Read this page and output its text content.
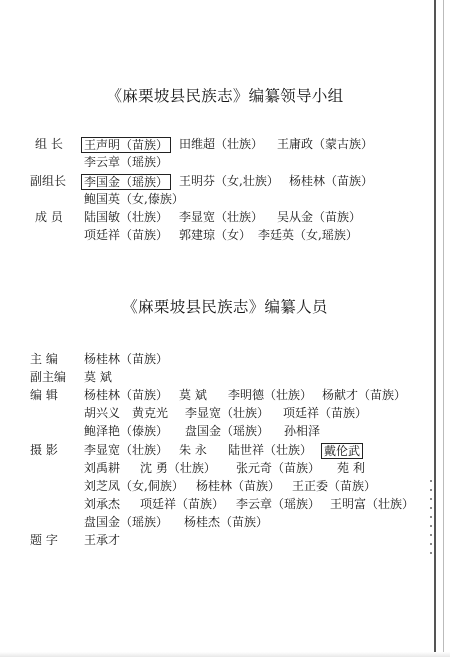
《麻栗坡县民族志》编纂领导小组
组 长 王声明（苗族） 田维超（壮族） 王庸政（蒙古族）
李云章（瑶族）
副组长 李国金（瑶族） 王明芬（女,壮族） 杨桂林（苗族）
鲍国英（女,傣族）
成 员 陆国敏（壮族） 李显宽（壮族） 吴从金（苗族）
项廷祥（苗族） 郭建琼（女） 李廷英（女,瑶族）
《麻栗坡县民族志》编纂人员
主 编 杨桂林（苗族）
副主编 莫 斌
编 辑 杨桂林（苗族） 莫 斌 李明德（壮族） 杨献才（苗族）
胡兴义 黄克光 李显宽（壮族） 项廷祥（苗族）
鲍泽艳（傣族） 盘国金（瑶族） 孙相泽
摄 影 李显宽（壮族） 朱 永 陆世祥（壮族） 戴伦武
刘禹耕 沈 勇（壮族） 张元奇（苗族） 苑 利
刘芝凤（女,侗族） 杨桂林（苗族） 王正委（苗族）
刘承杰 项廷祥（苗族） 李云章（瑶族） 王明富（壮族）
盘国金（瑶族） 杨桂杰（苗族）
题 字 王承才
